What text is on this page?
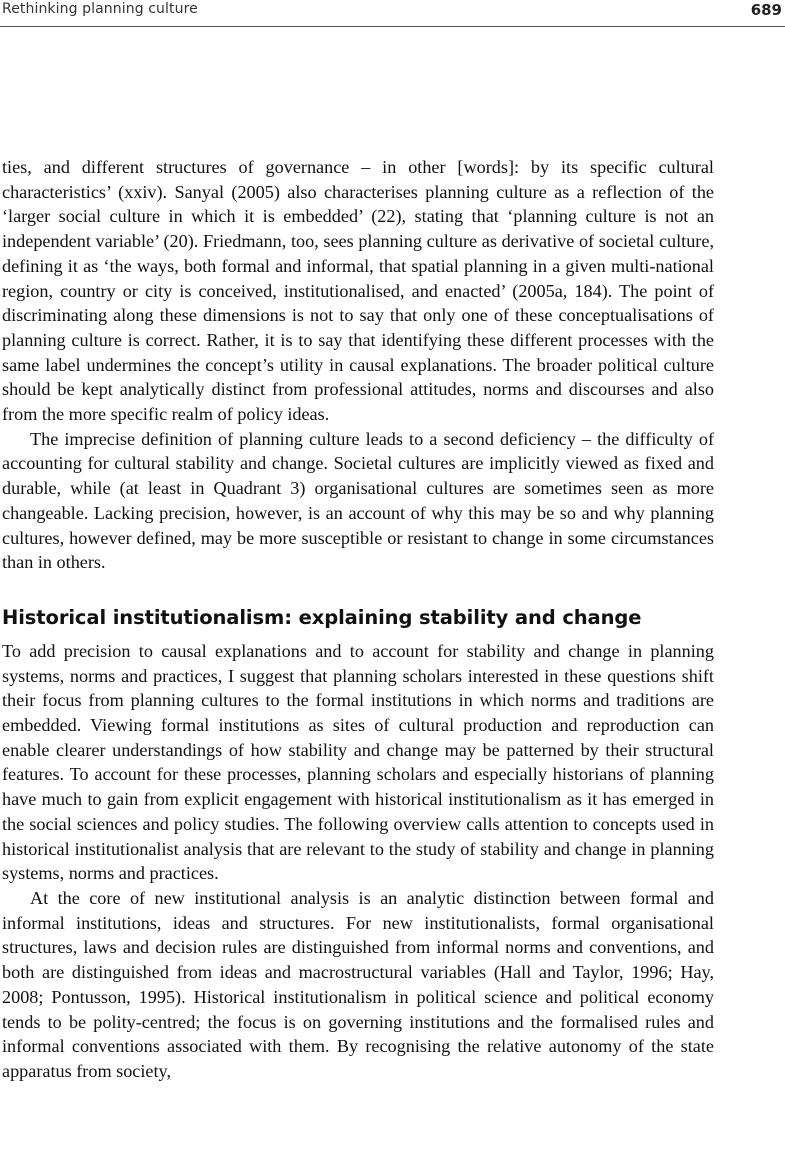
Rethinking planning culture	689

ties, and different structures of governance – in other [words]: by its specific cultural characteristics’ (xxiv). Sanyal (2005) also characterises planning culture as a reflection of the ‘larger social culture in which it is embedded’ (22), stating that ‘planning culture is not an independent variable’ (20). Friedmann, too, sees planning culture as derivative of societal culture, defining it as ‘the ways, both formal and informal, that spatial planning in a given multi-national region, country or city is conceived, institutionalised, and enacted’ (2005a, 184). The point of discriminating along these dimensions is not to say that only one of these conceptualisations of planning culture is correct. Rather, it is to say that identifying these different processes with the same label undermines the concept’s utility in causal explanations. The broader political culture should be kept analytically distinct from professional attitudes, norms and discourses and also from the more specific realm of policy ideas.

The imprecise definition of planning culture leads to a second deficiency – the difficulty of accounting for cultural stability and change. Societal cultures are implicitly viewed as fixed and durable, while (at least in Quadrant 3) organisational cultures are sometimes seen as more changeable. Lacking precision, however, is an account of why this may be so and why planning cultures, however defined, may be more susceptible or resistant to change in some circumstances than in others.

Historical institutionalism: explaining stability and change

To add precision to causal explanations and to account for stability and change in planning systems, norms and practices, I suggest that planning scholars interested in these questions shift their focus from planning cultures to the formal institutions in which norms and traditions are embedded. Viewing formal institutions as sites of cultural production and reproduction can enable clearer understandings of how stability and change may be patterned by their structural features. To account for these processes, planning scholars and especially historians of planning have much to gain from explicit engagement with historical institutionalism as it has emerged in the social sciences and policy studies. The following overview calls attention to concepts used in historical institutionalist analysis that are relevant to the study of stability and change in planning systems, norms and practices.

At the core of new institutional analysis is an analytic distinction between formal and informal institutions, ideas and structures. For new institutionalists, formal organisational structures, laws and decision rules are distinguished from informal norms and conventions, and both are distinguished from ideas and macrostructural variables (Hall and Taylor, 1996; Hay, 2008; Pontusson, 1995). Historical institutionalism in political science and political economy tends to be polity-centred; the focus is on governing institutions and the formalised rules and informal conventions associated with them. By recognising the relative autonomy of the state apparatus from society,
